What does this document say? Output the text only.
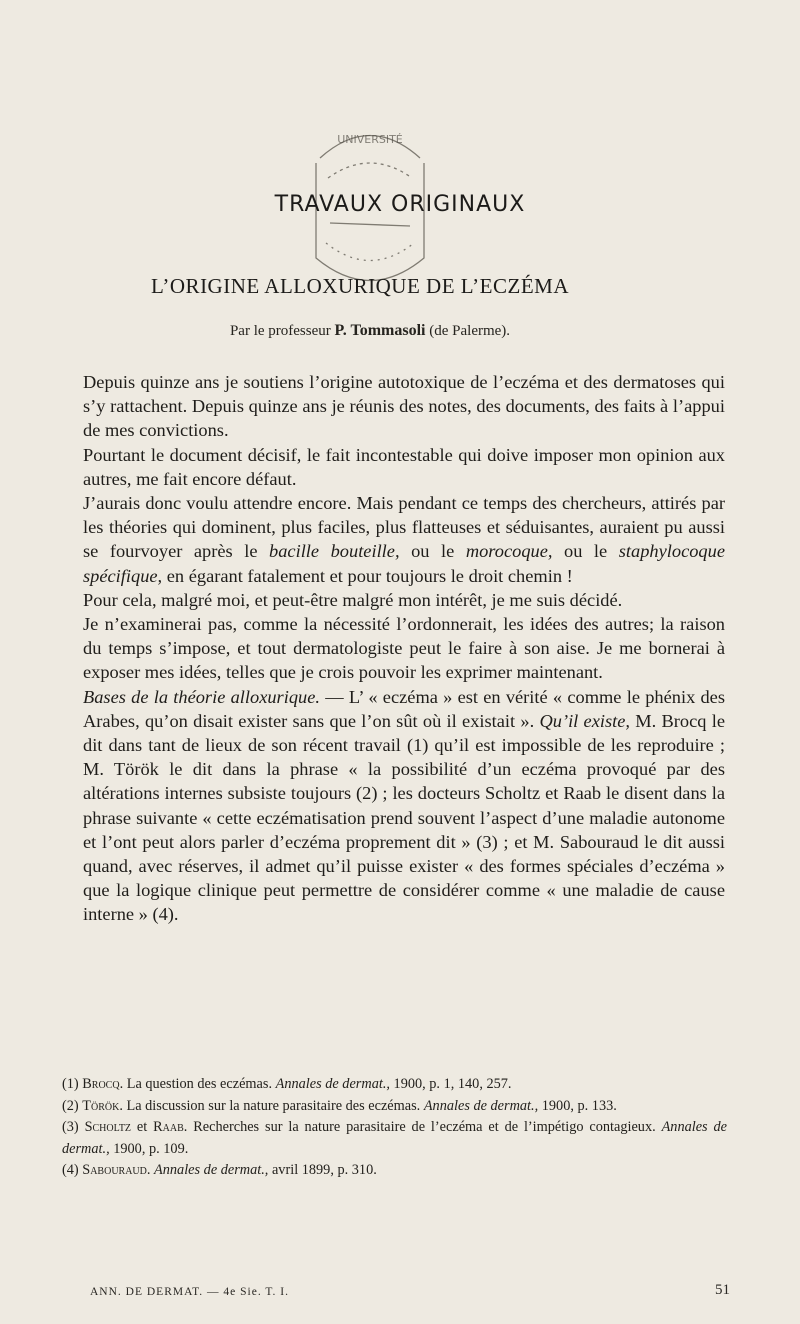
UNIVERSITÉ
TRAVAUX ORIGINAUX
L’ORIGINE ALLOXURIQUE DE L’ECZÉMA
Par le professeur P. Tommasoli (de Palerme).

Depuis quinze ans je soutiens l’origine autotoxique de l’eczéma et des dermatoses qui s’y rattachent. Depuis quinze ans je réunis des notes, des documents, des faits à l’appui de mes convictions.

Pourtant le document décisif, le fait incontestable qui doive imposer mon opinion aux autres, me fait encore défaut.

J’aurais donc voulu attendre encore. Mais pendant ce temps des chercheurs, attirés par les théories qui dominent, plus faciles, plus flatteuses et séduisantes, auraient pu aussi se fourvoyer après le bacille bouteille, ou le morocoque, ou le staphylocoque spécifique, en égarant fatalement et pour toujours le droit chemin !

Pour cela, malgré moi, et peut-être malgré mon intérêt, je me suis décidé.

Je n’examinerai pas, comme la nécessité l’ordonnerait, les idées des autres; la raison du temps s’impose, et tout dermatologiste peut le faire à son aise. Je me bornerai à exposer mes idées, telles que je crois pouvoir les exprimer maintenant.

Bases de la théorie alloxurique. — L’ « eczéma » est en vérité « comme le phénix des Arabes, qu’on disait exister sans que l’on sût où il existait ». Qu’il existe, M. Brocq le dit dans tant de lieux de son récent travail (1) qu’il est impossible de les reproduire ; M. Török le dit dans la phrase « la possibilité d’un eczéma provoqué par des altérations internes subsiste toujours (2) ; les docteurs Scholtz et Raab le disent dans la phrase suivante « cette eczématisation prend souvent l’aspect d’une maladie autonome et l’ont peut alors parler d’eczéma proprement dit » (3) ; et M. Sabouraud le dit aussi quand, avec réserves, il admet qu’il puisse exister « des formes spéciales d’eczéma » que la logique clinique peut permettre de considérer comme « une maladie de cause interne » (4).

(1) Brocq. La question des eczémas. Annales de dermat., 1900, p. 1, 140, 257.

(2) Török. La discussion sur la nature parasitaire des eczémas. Annales de dermat., 1900, p. 133.

(3) Scholtz et Raab. Recherches sur la nature parasitaire de l’eczéma et de l’impétigo contagieux. Annales de dermat., 1900, p. 109.

(4) Sabouraud. Annales de dermat., avril 1899, p. 310.

ANN. DE DERMAT. — 4e Sie. T. I.	51
